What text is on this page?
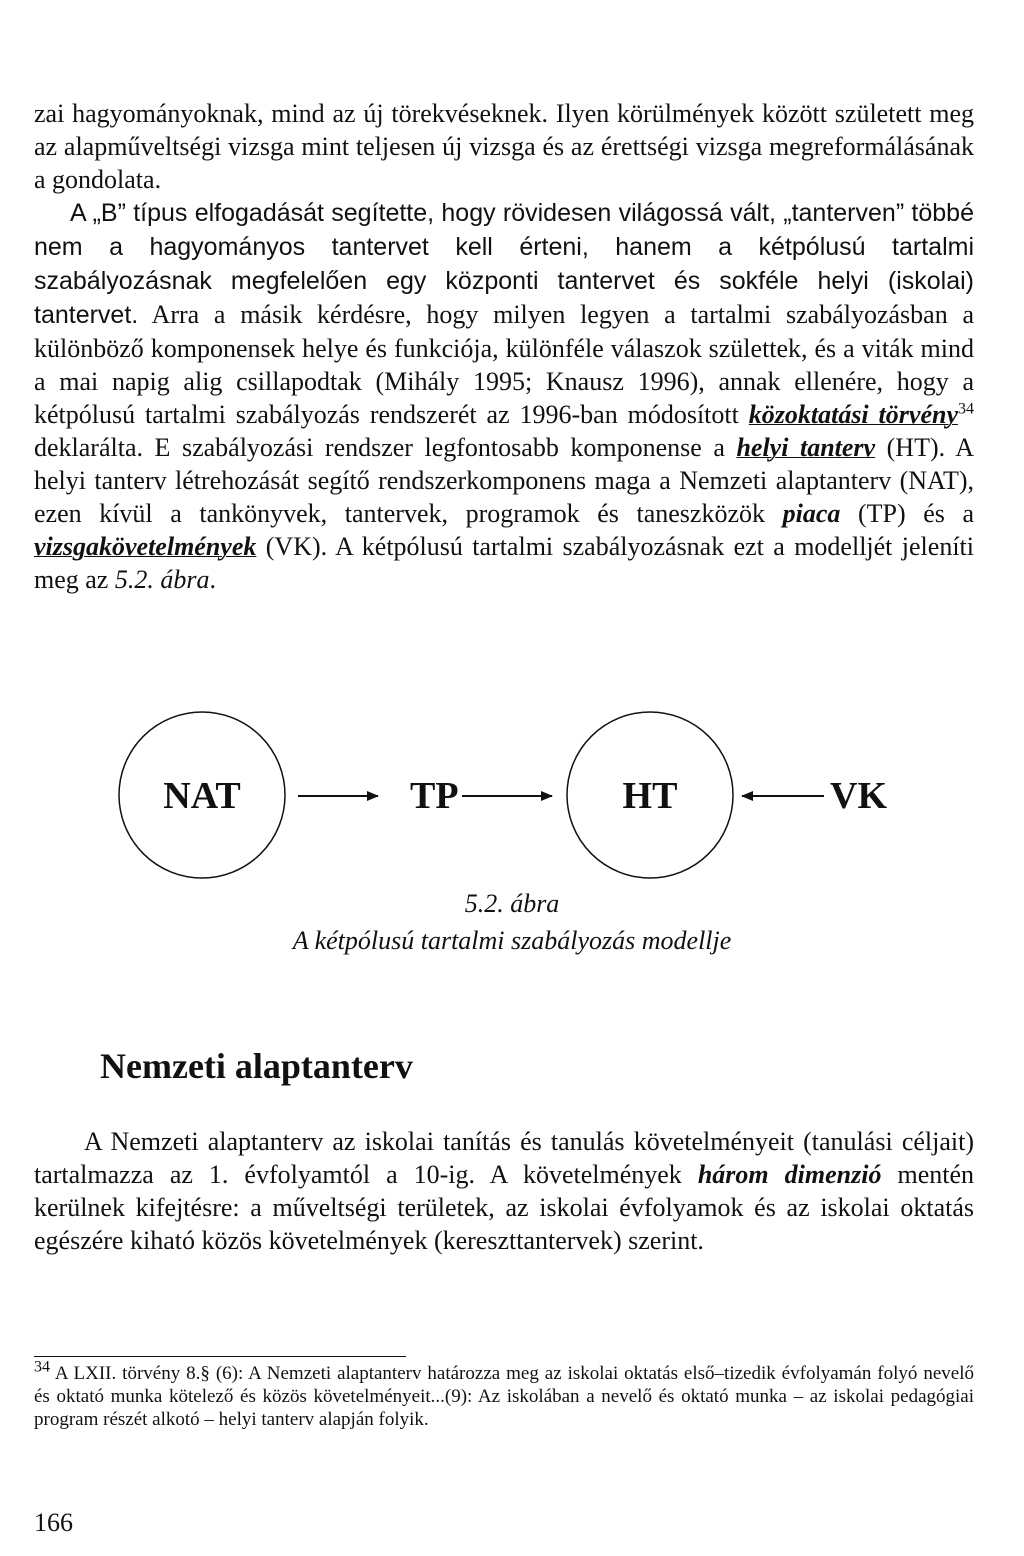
zai hagyományoknak, mind az új törekvéseknek. Ilyen körülmények között született meg az alapműveltségi vizsga mint teljesen új vizsga és az érettségi vizsga megreformálásának a gondolata.

A „B” típus elfogadását segítette, hogy rövidesen világossá vált, „tanterven” többé nem a hagyományos tantervet kell érteni, hanem a kétpólusú tartalmi szabályozásnak megfelelően egy központi tantervet és sokféle helyi (iskolai) tantervet. Arra a másik kérdésre, hogy milyen legyen a tartalmi szabályozásban a különböző komponensek helye és funkciója, különféle válaszok születtek, és a viták mind a mai napig alig csillapodtak (Mihály 1995; Knausz 1996), annak ellenére, hogy a kétpólusú tartalmi szabályozás rendszerét az 1996-ban módosított közoktatási törvény$^{34}$ deklarálta. E szabályozási rendszer legfontosabb komponense a helyi tanterv (HT). A helyi tanterv létrehozását segítő rendszerkomponens maga a Nemzeti alaptanterv (NAT), ezen kívül a tankönyvek, tantervek, programok és taneszközök piaca (TP) és a vizsgakövetelmények (VK). A kétpólusú tartalmi szabályozásnak ezt a modelljét jeleníti meg az 5.2. ábra.

NAT	TP	HT	VK
5.2. ábra
A kétpólusú tartalmi szabályozás modellje
Nemzeti alaptanterv

A Nemzeti alaptanterv az iskolai tanítás és tanulás követelményeit (tanulási céljait) tartalmazza az 1. évfolyamtól a 10-ig. A követelmények három dimenzió mentén kerülnek kifejtésre: a műveltségi területek, az iskolai évfolyamok és az iskolai oktatás egészére kiható közös követelmények (kereszttantervek) szerint.

$^{34}$ A LXII. törvény 8.§ (6): A Nemzeti alaptanterv határozza meg az iskolai oktatás első–tizedik évfolyamán folyó nevelő és oktató munka kötelező és közös követelményeit...(9): Az iskolában a nevelő és oktató munka – az iskolai pedagógiai program részét alkotó – helyi tanterv alapján folyik.

166
